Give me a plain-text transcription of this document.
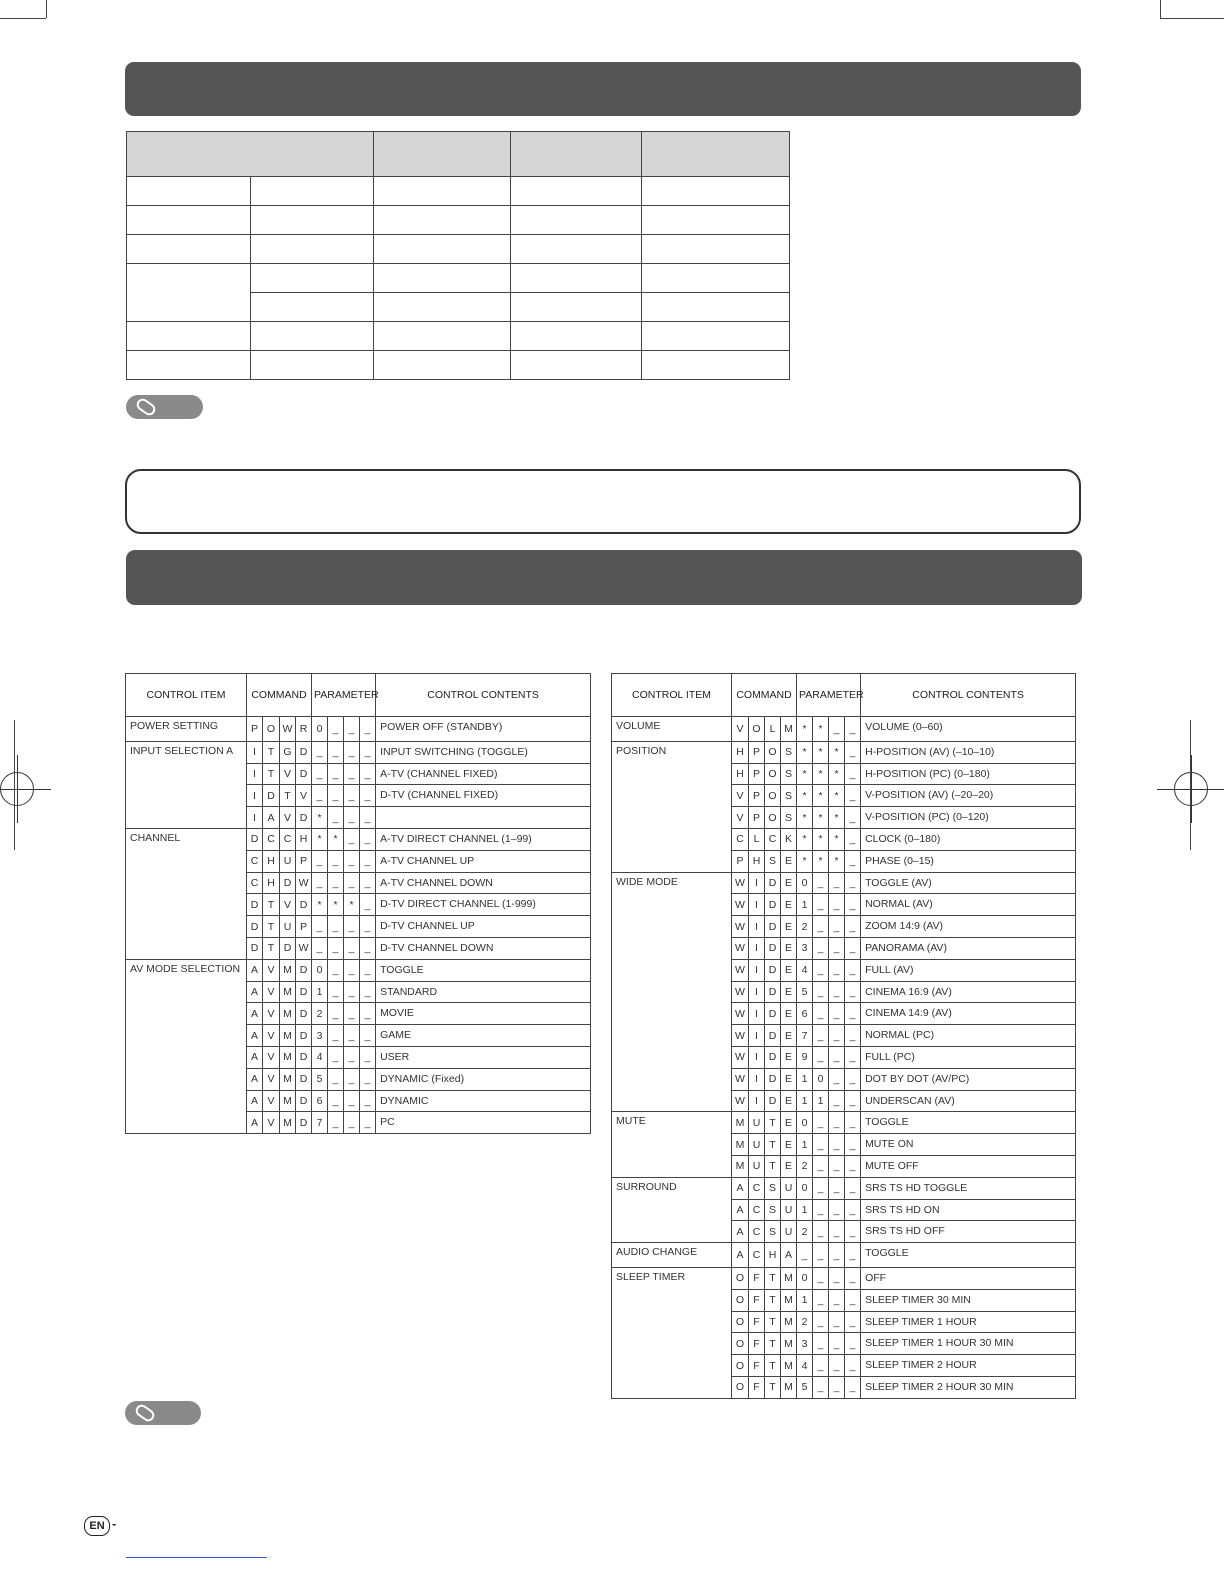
CONTROL ITEM	COMMAND				PARAMETER				CONTROL CONTENTS
POWER SETTING	P	O	W	R	0	_	_	_	POWER OFF (STANDBY)
INPUT SELECTION A	I	T	G	D	_	_	_	_	INPUT SWITCHING (TOGGLE)
	I	T	V	D	_	_	_	_	A-TV (CHANNEL FIXED)
	I	D	T	V	_	_	_	_	D-TV (CHANNEL FIXED)
	I	A	V	D	*	_	_	_	
CHANNEL	D	C	C	H	*	*	_	_	A-TV DIRECT CHANNEL (1–99)
	C	H	U	P	_	_	_	_	A-TV CHANNEL UP
	C	H	D	W	_	_	_	_	A-TV CHANNEL DOWN
	D	T	V	D	*	*	*	_	D-TV DIRECT CHANNEL (1-999)
	D	T	U	P	_	_	_	_	D-TV CHANNEL UP
	D	T	D	W	_	_	_	_	D-TV CHANNEL DOWN
AV MODE SELECTION	A	V	M	D	0	_	_	_	TOGGLE
	A	V	M	D	1	_	_	_	STANDARD
	A	V	M	D	2	_	_	_	MOVIE
	A	V	M	D	3	_	_	_	GAME
	A	V	M	D	4	_	_	_	USER
	A	V	M	D	5	_	_	_	DYNAMIC (Fixed)
	A	V	M	D	6	_	_	_	DYNAMIC
	A	V	M	D	7	_	_	_	PC
CONTROL ITEM	COMMAND				PARAMETER				CONTROL CONTENTS
VOLUME	V	O	L	M	*	*	_	_	VOLUME (0–60)
POSITION	H	P	O	S	*	*	*	_	H-POSITION (AV) (–10–10)
	H	P	O	S	*	*	*	_	H-POSITION (PC) (0–180)
	V	P	O	S	*	*	*	_	V-POSITION (AV) (–20–20)
	V	P	O	S	*	*	*	_	V-POSITION (PC) (0–120)
	C	L	C	K	*	*	*	_	CLOCK (0–180)
	P	H	S	E	*	*	*	_	PHASE (0–15)
WIDE MODE	W	I	D	E	0	_	_	_	TOGGLE (AV)
	W	I	D	E	1	_	_	_	NORMAL (AV)
	W	I	D	E	2	_	_	_	ZOOM 14:9 (AV)
	W	I	D	E	3	_	_	_	PANORAMA (AV)
	W	I	D	E	4	_	_	_	FULL (AV)
	W	I	D	E	5	_	_	_	CINEMA 16:9 (AV)
	W	I	D	E	6	_	_	_	CINEMA 14:9 (AV)
	W	I	D	E	7	_	_	_	NORMAL (PC)
	W	I	D	E	9	_	_	_	FULL (PC)
	W	I	D	E	1	0	_	_	DOT BY DOT (AV/PC)
	W	I	D	E	1	1	_	_	UNDERSCAN (AV)
MUTE	M	U	T	E	0	_	_	_	TOGGLE
	M	U	T	E	1	_	_	_	MUTE ON
	M	U	T	E	2	_	_	_	MUTE OFF
SURROUND	A	C	S	U	0	_	_	_	SRS TS HD TOGGLE
	A	C	S	U	1	_	_	_	SRS TS HD ON
	A	C	S	U	2	_	_	_	SRS TS HD OFF
AUDIO CHANGE	A	C	H	A	_	_	_	_	TOGGLE
SLEEP TIMER	O	F	T	M	0	_	_	_	OFF
	O	F	T	M	1	_	_	_	SLEEP TIMER 30 MIN
	O	F	T	M	2	_	_	_	SLEEP TIMER 1 HOUR
	O	F	T	M	3	_	_	_	SLEEP TIMER 1 HOUR 30 MIN
	O	F	T	M	4	_	_	_	SLEEP TIMER 2 HOUR
	O	F	T	M	5	_	_	_	SLEEP TIMER 2 HOUR 30 MIN
EN -
